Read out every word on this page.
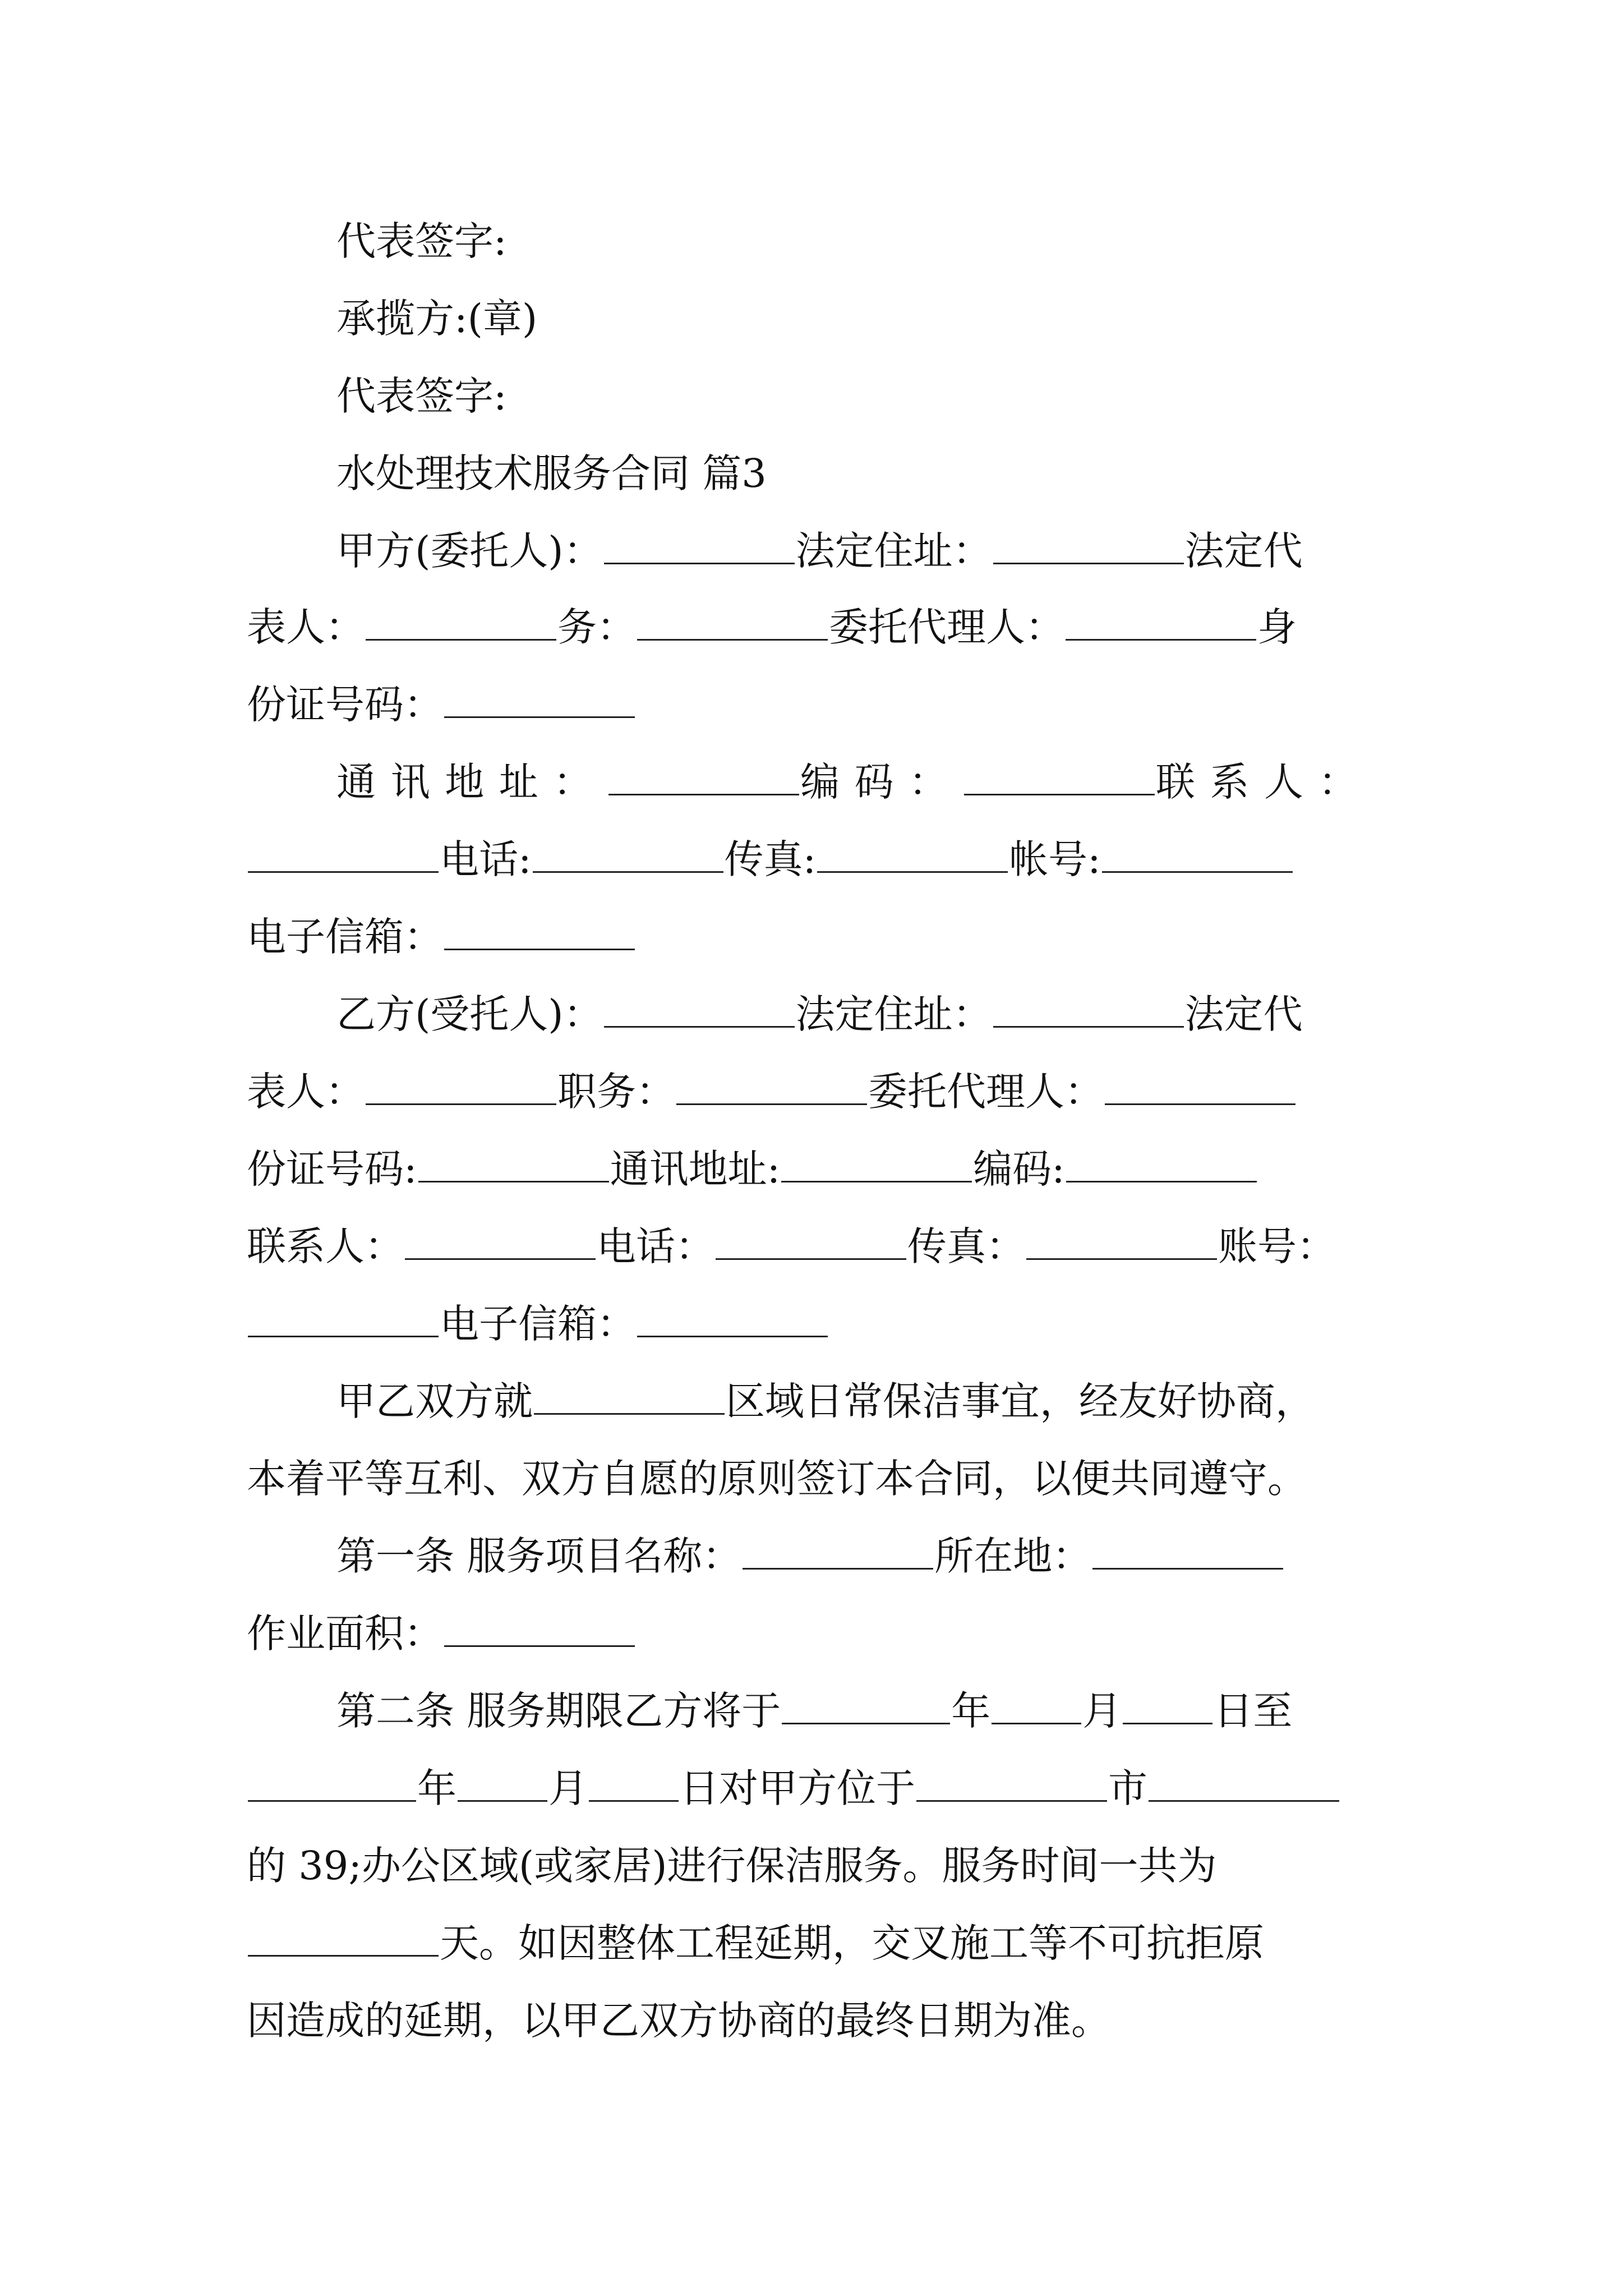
代表签字:
承揽方:(章)
代表签字:
水处理技术服务合同 篇3
甲方(委托人)：	法定住址：	法定代
表人：	务：	委托代理人：	身
份证号码：
通讯地址：	编码：	联系人：
电话:	传真:	帐号:
电子信箱：
乙方(受托人)：	法定住址：	法定代
表人：	职务：	委托代理人：
份证号码:	通讯地址:	编码:
联系人：	电话：	传真：	账号：
电子信箱：
甲乙双方就	区域日常保洁事宜，经友好协商，
本着平等互利、双方自愿的原则签订本合同，以便共同遵守。
第一条 服务项目名称：	所在地：
作业面积：
第二条 服务期限乙方将于	年 月 日至
年 月 日对甲方位于	市
的 39;办公区域(或家居)进行保洁服务。服务时间一共为
天。如因整体工程延期，交叉施工等不可抗拒原
因造成的延期，以甲乙双方协商的最终日期为准。
